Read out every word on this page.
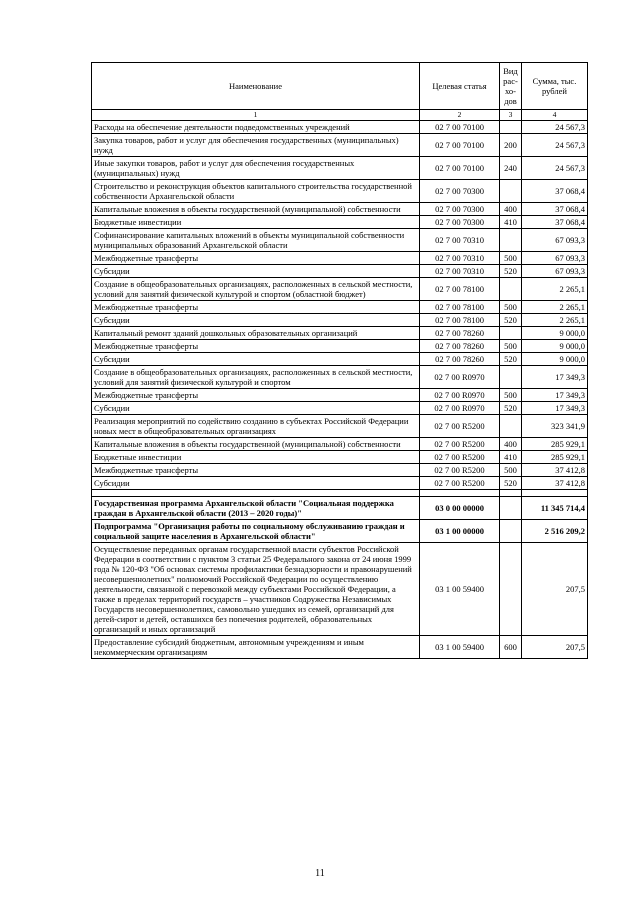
Наименование	Целевая статья	Вид рас- хо- дов	Сумма, тыс. рублей
1	2	3	4
Расходы на обеспечение деятельности подведомственных учреждений	02 7 00 70100		24 567,3
Закупка товаров, работ и услуг для обеспечения государственных (муниципальных) нужд	02 7 00 70100	200	24 567,3
Иные закупки товаров, работ и услуг для обеспечения государственных (муниципальных) нужд	02 7 00 70100	240	24 567,3
Строительство и реконструкция объектов капитального строительства государственной собственности Архангельской области	02 7 00 70300		37 068,4
Капитальные вложения в объекты государственной (муниципальной) собственности	02 7 00 70300	400	37 068,4
Бюджетные инвестиции	02 7 00 70300	410	37 068,4
Софинансирование капитальных вложений в объекты муниципальной собственности муниципальных образований Архангельской области	02 7 00 70310		67 093,3
Межбюджетные трансферты	02 7 00 70310	500	67 093,3
Субсидии	02 7 00 70310	520	67 093,3
Создание в общеобразовательных организациях, расположенных в сельской местности, условий для занятий физической культурой и спортом (областной бюджет)	02 7 00 78100		2 265,1
Межбюджетные трансферты	02 7 00 78100	500	2 265,1
Субсидии	02 7 00 78100	520	2 265,1
Капитальный ремонт зданий дошкольных образовательных организаций	02 7 00 78260		9 000,0
Межбюджетные трансферты	02 7 00 78260	500	9 000,0
Субсидии	02 7 00 78260	520	9 000,0
Создание в общеобразовательных организациях, расположенных в сельской местности, условий для занятий физической культурой и спортом	02 7 00 R0970		17 349,3
Межбюджетные трансферты	02 7 00 R0970	500	17 349,3
Субсидии	02 7 00 R0970	520	17 349,3
Реализация мероприятий по содействию созданию в субъектах Российской Федерации новых мест в общеобразовательных организациях	02 7 00 R5200		323 341,9
Капитальные вложения в объекты государственной (муниципальной) собственности	02 7 00 R5200	400	285 929,1
Бюджетные инвестиции	02 7 00 R5200	410	285 929,1
Межбюджетные трансферты	02 7 00 R5200	500	37 412,8
Субсидии	02 7 00 R5200	520	37 412,8

Государственная программа Архангельской области "Социальная поддержка граждан в Архангельской области (2013 – 2020 годы)"	03 0 00 00000		11 345 714,4
Подпрограмма "Организация работы по социальному обслуживанию граждан и социальной защите населения в Архангельской области"	03 1 00 00000		2 516 209,2
Осуществление переданных органам государственной власти субъектов Российской Федерации в соответствии с пунктом 3 статьи 25 Федерального закона от 24 июня 1999 года № 120-ФЗ "Об основах системы профилактики безнадзорности и правонарушений несовершеннолетних" полномочий Российской Федерации по осуществлению деятельности, связанной с перевозкой между субъектами Российской Федерации, а также в пределах территорий государств – участников Содружества Независимых Государств несовершеннолетних, самовольно ушедших из семей, организаций для детей-сирот и детей, оставшихся без попечения родителей, образовательных организаций и иных организаций	03 1 00 59400		207,5
Предоставление субсидий бюджетным, автономным учреждениям и иным некоммерческим организациям	03 1 00 59400	600	207,5
11
